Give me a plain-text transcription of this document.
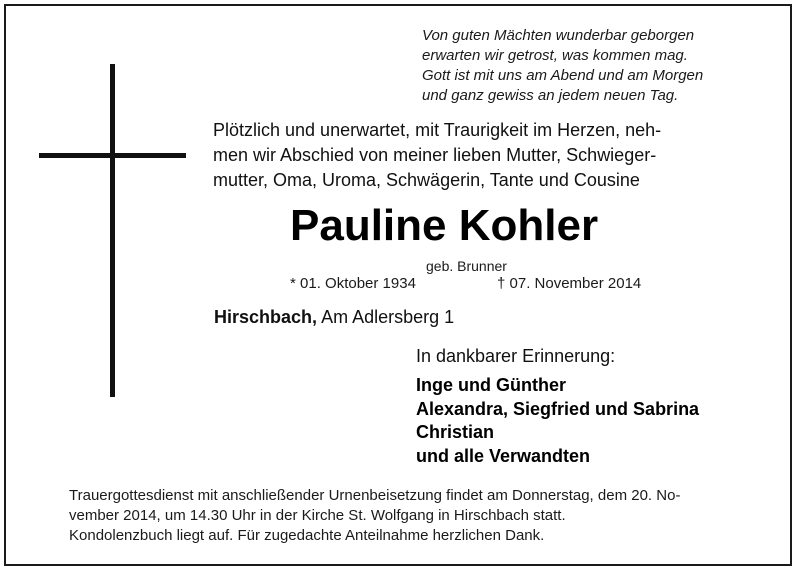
Von guten Mächten wunderbar geborgen
erwarten wir getrost, was kommen mag.
Gott ist mit uns am Abend und am Morgen
und ganz gewiss an jedem neuen Tag.
Plötzlich und unerwartet, mit Traurigkeit im Herzen, neh-
men wir Abschied von meiner lieben Mutter, Schwieger-
mutter, Oma, Uroma, Schwägerin, Tante und Cousine
Pauline Kohler
geb. Brunner
* 01. Oktober 1934	† 07. November 2014
Hirschbach, Am Adlersberg 1
In dankbarer Erinnerung:
Inge und Günther
Alexandra, Siegfried und Sabrina
Christian
und alle Verwandten
Trauergottesdienst mit anschließender Urnenbeisetzung findet am Donnerstag, dem 20. No-
vember 2014, um 14.30 Uhr in der Kirche St. Wolfgang in Hirschbach statt.
Kondolenzbuch liegt auf. Für zugedachte Anteilnahme herzlichen Dank.
